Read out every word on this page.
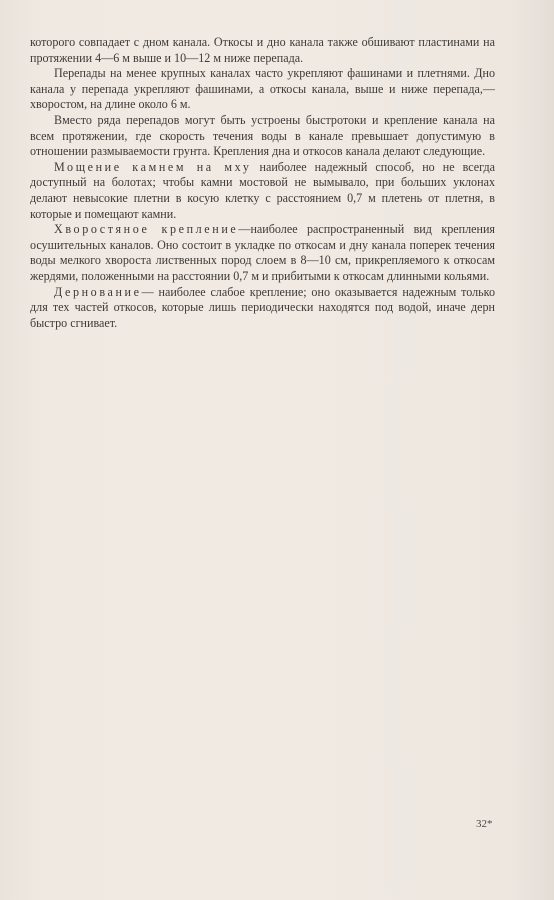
которого совпадает с дном канала. Откосы и дно канала также обшивают пластинами на протяжении 4—6 м выше и 10—12 м ниже перепада.

Перепады на менее крупных каналах часто укрепляют фашинами и плетнями. Дно канала у перепада укрепляют фашинами, а откосы канала, выше и ниже перепада,— хворостом, на длине около 6 м.

Вместо ряда перепадов могут быть устроены быстротоки и крепление канала на всем протяжении, где скорость течения воды в канале превышает допустимую в отношении размываемости грунта. Крепления дна и откосов канала делают следующие.

Мощение камнем на мху наиболее надежный способ, но не всегда доступный на болотах; чтобы камни мостовой не вымывало, при больших уклонах делают невысокие плетни в косую клетку с расстоянием 0,7 м плетень от плетня, в которые и помещают камни.

Хворостяное крепление—наиболее распространенный вид крепления осушительных каналов. Оно состоит в укладке по откосам и дну канала поперек течения воды мелкого хвороста лиственных пород слоем в 8—10 см, прикрепляемого к откосам жердями, положенными на расстоянии 0,7 м и прибитыми к откосам длинными кольями.

Дернование— наиболее слабое крепление; оно оказывается надежным только для тех частей откосов, которые лишь периодически находятся под водой, иначе дерн быстро сгнивает.

32*
